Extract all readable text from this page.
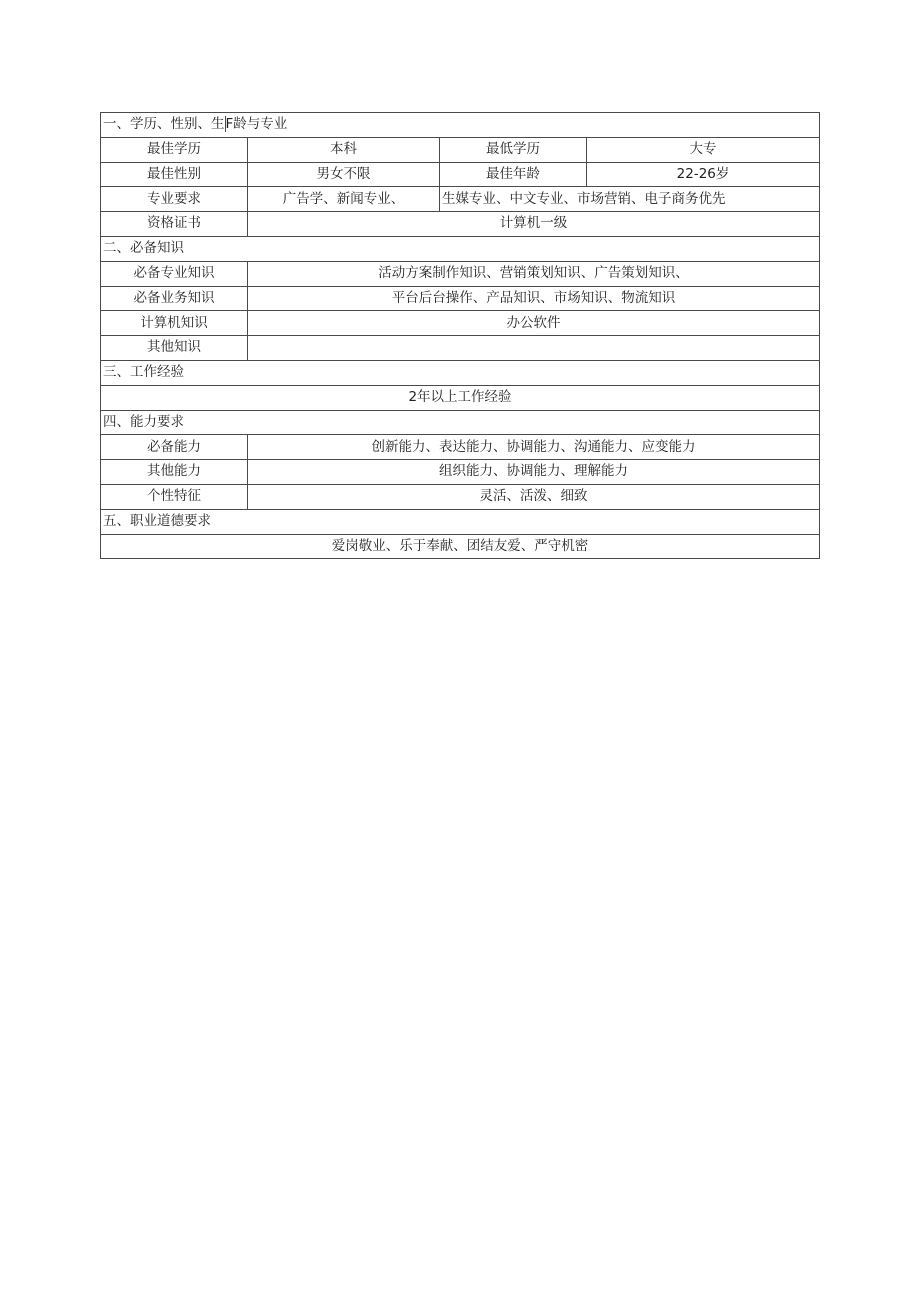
一、学历、性别、生F龄与专业			
最佳学历	本科	最低学历	大专
最佳性别	男女不限	最佳年龄	22-26岁
专业要求	广告学、新闻专业、	生媒专业、中文专业、市场营销、电子商务优先	
资格证书	计算机一级		
二、必备知识			
必备专业知识	活动方案制作知识、营销策划知识、广告策划知识、		
必备业务知识	平台后台操作、产品知识、市场知识、物流知识		
计算机知识	办公软件		
其他知识			
三、工作经验			
2年以上工作经验			
四、能力要求			
必备能力	创新能力、表达能力、协调能力、沟通能力、应变能力		
其他能力	组织能力、协调能力、理解能力		
个性特征	灵活、活泼、细致		
五、职业道德要求			
爱岗敬业、乐于奉献、团结友爱、严守机密			
